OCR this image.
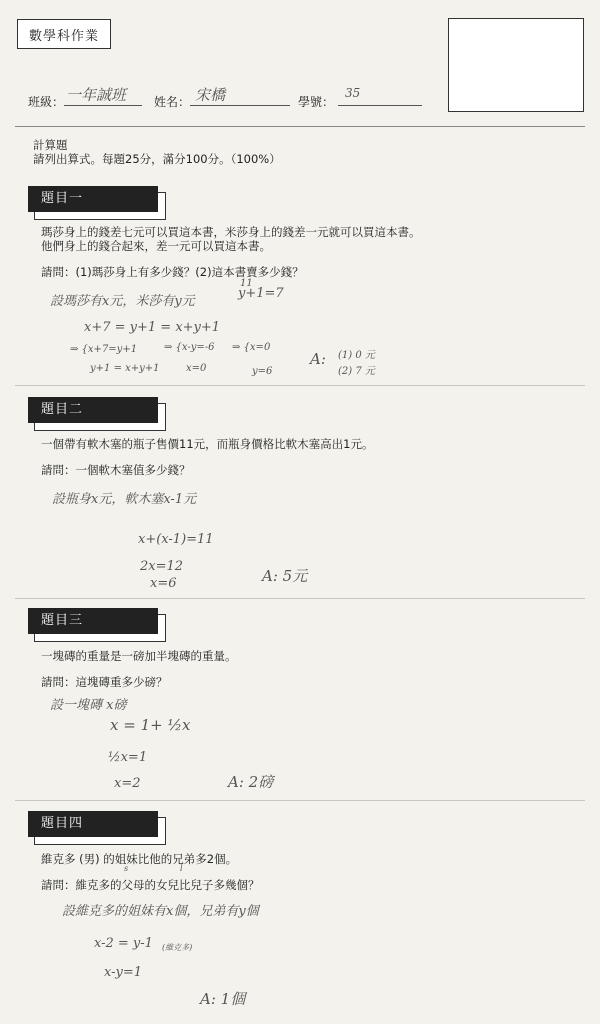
數學科作業
班級： 一年誠班 姓名： 宋橋	學號：
35
計算題
請列出算式。每題25分，滿分100分。（100%）
題目一
瑪莎身上的錢差七元可以買這本書，米莎身上的錢差一元就可以買這本書。
他們身上的錢合起來，差一元可以買這本書。
請問：(1)瑪莎身上有多少錢？(2)這本書賣多少錢？
設瑪莎有x元，米莎有y元
11
y+1=7
x+7 = y+1 = x+y+1
⇒ {x+7=y+1
y+1 = x+y+1
⇒ {x-y=-6
x=0
⇒ {x=0
y=6
A: (1) 0 元
(2) 7 元
題目二
一個帶有軟木塞的瓶子售價11元，而瓶身價格比軟木塞高出1元。
請問：一個軟木塞值多少錢？
設瓶身x元，軟木塞x-1元
x+(x-1)=11
2x=12
x=6	A: 5元
題目三
一塊磚的重量是一磅加半塊磚的重量。
請問：這塊磚重多少磅？
設一塊磚 x磅
x = 1+ ½x
½x=1
x=2	A: 2磅
題目四
維克多 (男) 的姐妹比他的兄弟多2個。
s	l
請問：維克多的父母的女兒比兒子多幾個？
設維克多的姐妹有x個，兄弟有y個
x-2 = y-1 (維克多)
x-y=1
A: 1個
